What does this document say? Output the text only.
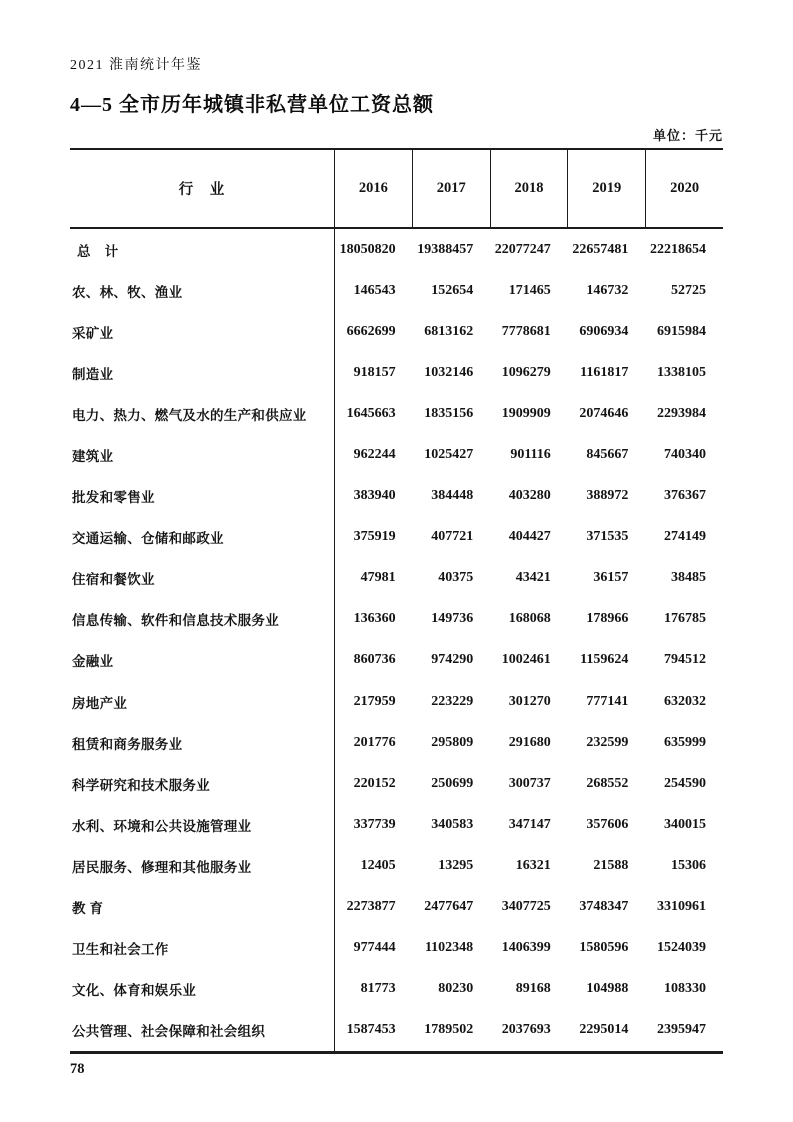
2021 淮南统计年鉴
4—5 全市历年城镇非私营单位工资总额
单位：千元
行　业	2016	2017	2018	2019	2020
总　计	18050820	19388457	22077247	22657481	22218654
农、林、牧、渔业	146543	152654	171465	146732	52725
采矿业	6662699	6813162	7778681	6906934	6915984
制造业	918157	1032146	1096279	1161817	1338105
电力、热力、燃气及水的生产和供应业	1645663	1835156	1909909	2074646	2293984
建筑业	962244	1025427	901116	845667	740340
批发和零售业	383940	384448	403280	388972	376367
交通运输、仓储和邮政业	375919	407721	404427	371535	274149
住宿和餐饮业	47981	40375	43421	36157	38485
信息传输、软件和信息技术服务业	136360	149736	168068	178966	176785
金融业	860736	974290	1002461	1159624	794512
房地产业	217959	223229	301270	777141	632032
租赁和商务服务业	201776	295809	291680	232599	635999
科学研究和技术服务业	220152	250699	300737	268552	254590
水利、环境和公共设施管理业	337739	340583	347147	357606	340015
居民服务、修理和其他服务业	12405	13295	16321	21588	15306
教 育	2273877	2477647	3407725	3748347	3310961
卫生和社会工作	977444	1102348	1406399	1580596	1524039
文化、体育和娱乐业	81773	80230	89168	104988	108330
公共管理、社会保障和社会组织	1587453	1789502	2037693	2295014	2395947
78
